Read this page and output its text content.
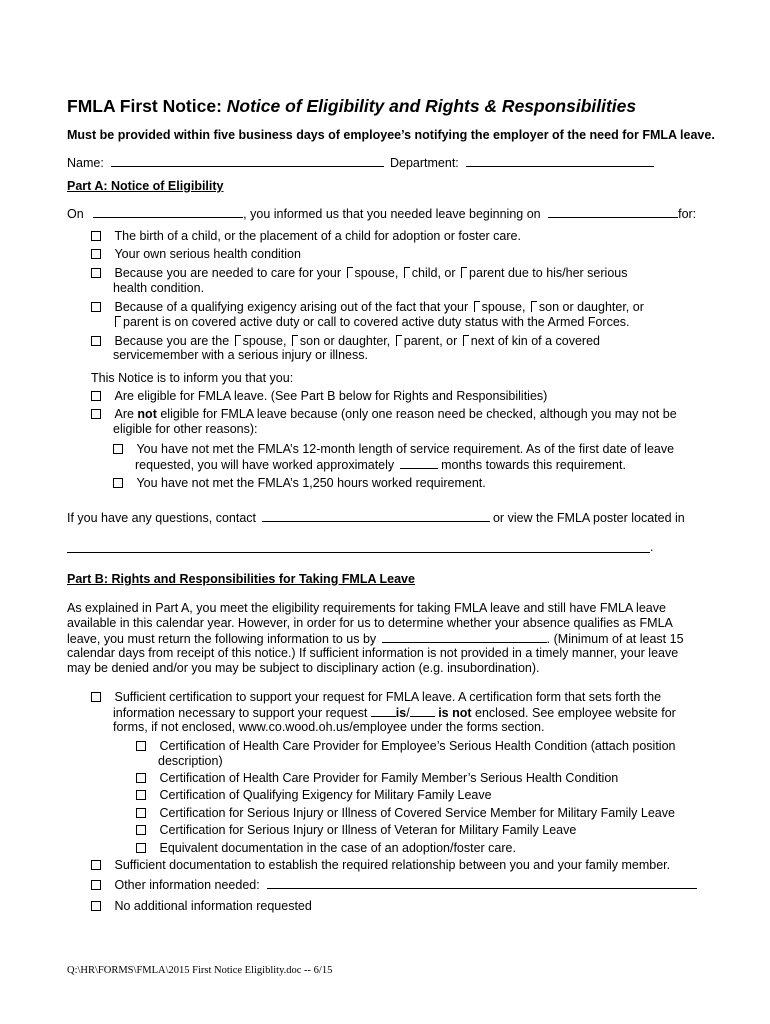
FMLA First Notice: Notice of Eligibility and Rights & Responsibilities
Must be provided within five business days of employee’s notifying the employer of the need for FMLA leave.
Name:	Department:
Part A: Notice of Eligibility
On	, you informed us that you needed leave beginning on	for:
The birth of a child, or the placement of a child for adoption or foster care.
Your own serious health condition
Because you are needed to care for your spouse, child, or parent due to his/her serious
health condition.
Because of a qualifying exigency arising out of the fact that your spouse, son or daughter, or
parent is on covered active duty or call to covered active duty status with the Armed Forces.
Because you are the spouse, son or daughter, parent, or next of kin of a covered
servicemember with a serious injury or illness.
This Notice is to inform you that you:
Are eligible for FMLA leave. (See Part B below for Rights and Responsibilities)
Are not eligible for FMLA leave because (only one reason need be checked, although you may not be
eligible for other reasons):
You have not met the FMLA’s 12-month length of service requirement. As of the first date of leave
requested, you will have worked approximately	months towards this requirement.
You have not met the FMLA’s 1,250 hours worked requirement.
If you have any questions, contact	or view the FMLA poster located in
.
Part B: Rights and Responsibilities for Taking FMLA Leave
As explained in Part A, you meet the eligibility requirements for taking FMLA leave and still have FMLA leave
available in this calendar year. However, in order for us to determine whether your absence qualifies as FMLA
leave, you must return the following information to us by	. (Minimum of at least 15
calendar days from receipt of this notice.) If sufficient information is not provided in a timely manner, your leave
may be denied and/or you may be subject to disciplinary action (e.g. insubordination).
Sufficient certification to support your request for FMLA leave. A certification form that sets forth the
information necessary to support your request is/ is not enclosed. See employee website for
forms, if not enclosed, www.co.wood.oh.us/employee under the forms section.
Certification of Health Care Provider for Employee’s Serious Health Condition (attach position
description)
Certification of Health Care Provider for Family Member’s Serious Health Condition
Certification of Qualifying Exigency for Military Family Leave
Certification for Serious Injury or Illness of Covered Service Member for Military Family Leave
Certification for Serious Injury or Illness of Veteran for Military Family Leave
Equivalent documentation in the case of an adoption/foster care.
Sufficient documentation to establish the required relationship between you and your family member.
Other information needed:
No additional information requested
Q:\HR\FORMS\FMLA\2015 First Notice Eligiblity.doc -- 6/15
